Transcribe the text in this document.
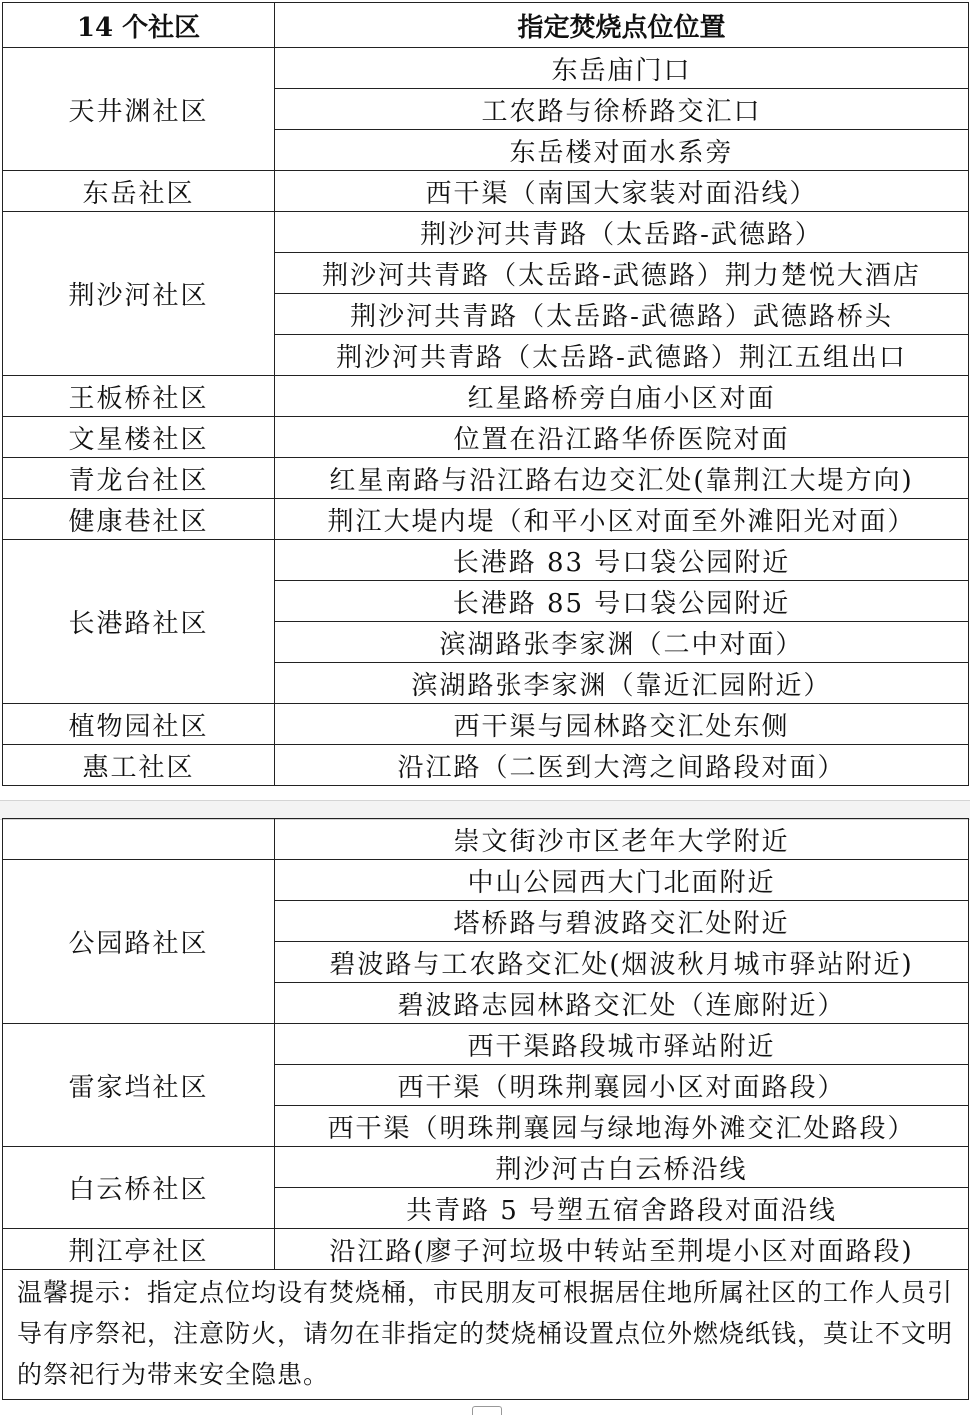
14 个社区	指定焚烧点位位置
天井渊社区	东岳庙门口
	工农路与徐桥路交汇口
	东岳楼对面水系旁
东岳社区	西干渠（南国大家装对面沿线）
荆沙河社区	荆沙河共青路（太岳路-武德路）
	荆沙河共青路（太岳路-武德路）荆力楚悦大酒店
	荆沙河共青路（太岳路-武德路）武德路桥头
	荆沙河共青路（太岳路-武德路）荆江五组出口
王板桥社区	红星路桥旁白庙小区对面
文星楼社区	位置在沿江路华侨医院对面
青龙台社区	红星南路与沿江路右边交汇处(靠荆江大堤方向)
健康巷社区	荆江大堤内堤（和平小区对面至外滩阳光对面）
长港路社区	长港路 83 号口袋公园附近
	长港路 85 号口袋公园附近
	滨湖路张李家渊（二中对面）
	滨湖路张李家渊（靠近汇园附近）
植物园社区	西干渠与园林路交汇处东侧
惠工社区	沿江路（二医到大湾之间路段对面）
	崇文街沙市区老年大学附近
公园路社区	中山公园西大门北面附近
	塔桥路与碧波路交汇处附近
	碧波路与工农路交汇处(烟波秋月城市驿站附近)
	碧波路志园林路交汇处（连廊附近）
雷家垱社区	西干渠路段城市驿站附近
	西干渠（明珠荆襄园小区对面路段）
	西干渠（明珠荆襄园与绿地海外滩交汇处路段）
白云桥社区	荆沙河古白云桥沿线
	共青路 5 号塑五宿舍路段对面沿线
荆江亭社区	沿江路(廖子河垃圾中转站至荆堤小区对面路段)
温馨提示：指定点位均设有焚烧桶，市民朋友可根据居住地所属社区的工作人员引导有序祭祀，注意防火，请勿在非指定的焚烧桶设置点位外燃烧纸钱，莫让不文明的祭祀行为带来安全隐患。	
